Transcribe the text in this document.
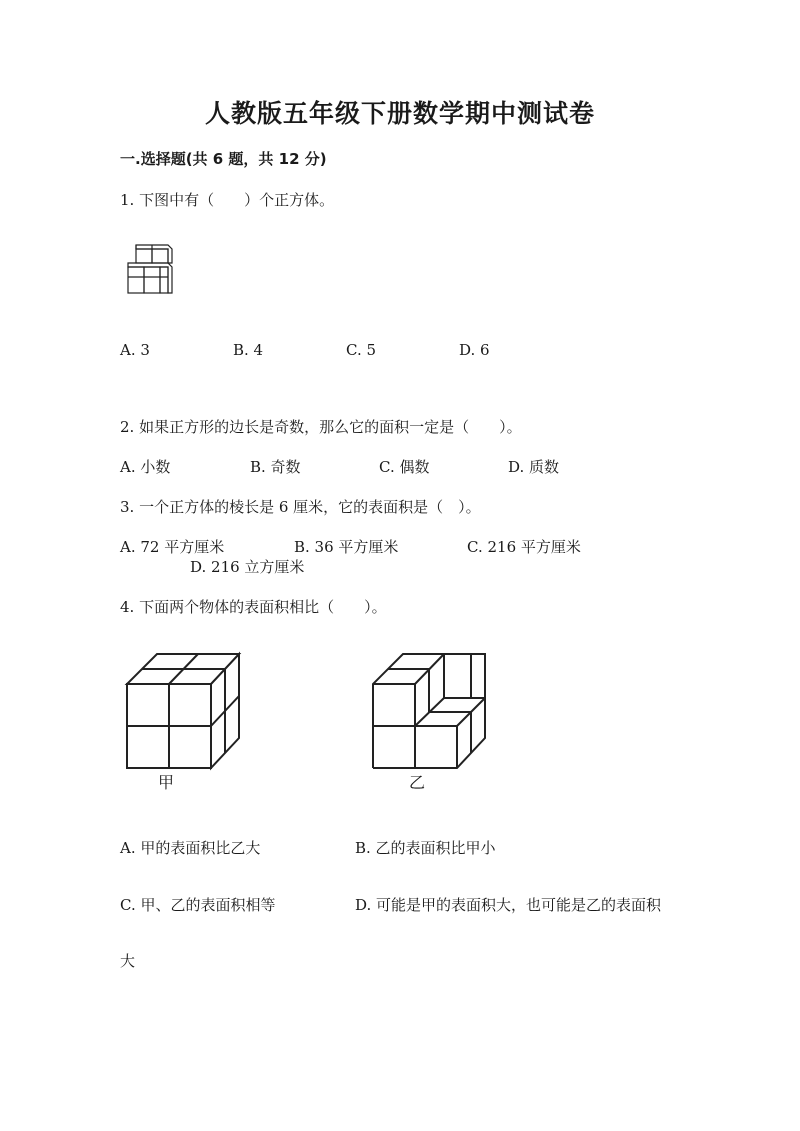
人教版五年级下册数学期中测试卷
一.选择题(共 6 题，共 12 分)
1. 下图中有（　　）个正方体。
A. 3	B. 4	C. 5	D. 6
2. 如果正方形的边长是奇数，那么它的面积一定是（　　）。
A. 小数	B. 奇数	C. 偶数	D. 质数
3. 一个正方体的棱长是 6 厘米，它的表面积是（　）。
A. 72 平方厘米	B. 36 平方厘米	C. 216 平方厘米
D. 216 立方厘米
4. 下面两个物体的表面积相比（　　）。
甲	乙
A. 甲的表面积比乙大	B. 乙的表面积比甲小
C. 甲、乙的表面积相等	D. 可能是甲的表面积大，也可能是乙的表面积
大
